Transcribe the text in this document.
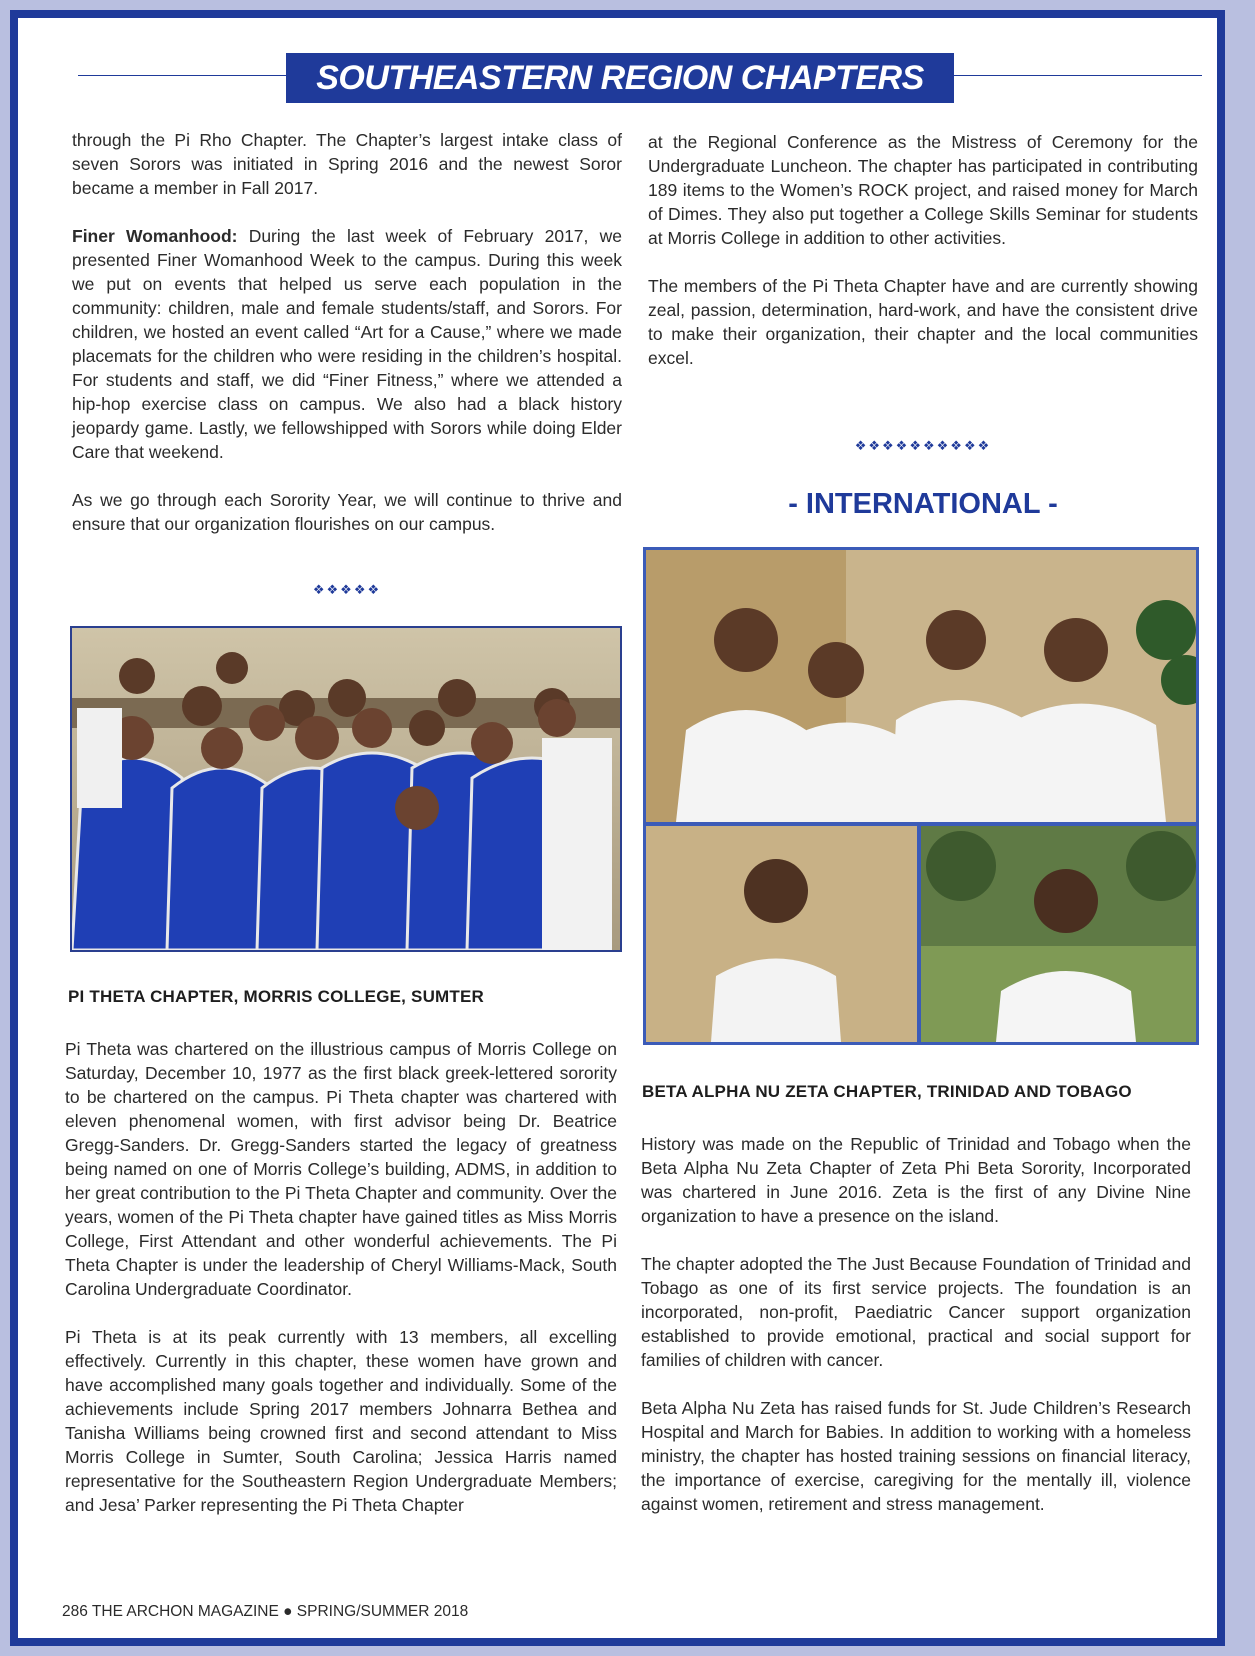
SOUTHEASTERN REGION CHAPTERS

through the Pi Rho Chapter. The Chapter’s largest intake class of seven Sorors was initiated in Spring 2016 and the newest Soror became a member in Fall 2017.

Finer Womanhood: During the last week of February 2017, we presented Finer Womanhood Week to the campus. During this week we put on events that helped us serve each population in the community: children, male and female students/staff, and Sorors. For children, we hosted an event called “Art for a Cause,” where we made placemats for the children who were residing in the children’s hospital. For students and staff, we did “Finer Fitness,” where we attended a hip-hop exercise class on campus. We also had a black history jeopardy game. Lastly, we fellowshipped with Sorors while doing Elder Care that weekend.

As we go through each Sorority Year, we will continue to thrive and ensure that our organization flourishes on our campus.

❖❖❖❖❖
PI THETA CHAPTER, MORRIS COLLEGE, SUMTER

Pi Theta was chartered on the illustrious campus of Morris College on Saturday, December 10, 1977 as the first black greek-lettered sorority to be chartered on the campus. Pi Theta chapter was chartered with eleven phenomenal women, with first advisor being Dr. Beatrice Gregg-Sanders. Dr. Gregg-Sanders started the legacy of greatness being named on one of Morris College’s building, ADMS, in addition to her great contribution to the Pi Theta Chapter and community. Over the years, women of the Pi Theta chapter have gained titles as Miss Morris College, First Attendant and other wonderful achievements. The Pi Theta Chapter is under the leadership of Cheryl Williams-Mack, South Carolina Undergraduate Coordinator.

Pi Theta is at its peak currently with 13 members, all excelling effectively. Currently in this chapter, these women have grown and have accomplished many goals together and individually. Some of the achievements include Spring 2017 members Johnarra Bethea and Tanisha Williams being crowned first and second attendant to Miss Morris College in Sumter, South Carolina; Jessica Harris named representative for the Southeastern Region Undergraduate Members; and Jesa’ Parker representing the Pi Theta Chapter

at the Regional Conference as the Mistress of Ceremony for the Undergraduate Luncheon. The chapter has participated in contributing 189 items to the Women’s ROCK project, and raised money for March of Dimes. They also put together a College Skills Seminar for students at Morris College in addition to other activities.

The members of the Pi Theta Chapter have and are currently showing zeal, passion, determination, hard-work, and have the consistent drive to make their organization, their chapter and the local communities excel.

❖❖❖❖❖❖❖❖❖❖
- INTERNATIONAL -
BETA ALPHA NU ZETA CHAPTER, TRINIDAD AND TOBAGO

History was made on the Republic of Trinidad and Tobago when the Beta Alpha Nu Zeta Chapter of Zeta Phi Beta Sorority, Incorporated was chartered in June 2016. Zeta is the first of any Divine Nine organization to have a presence on the island.

The chapter adopted the The Just Because Foundation of Trinidad and Tobago as one of its first service projects. The foundation is an incorporated, non-profit, Paediatric Cancer support organization established to provide emotional, practical and social support for families of children with cancer.

Beta Alpha Nu Zeta has raised funds for St. Jude Children’s Research Hospital and March for Babies. In addition to working with a homeless ministry, the chapter has hosted training sessions on financial literacy, the importance of exercise, caregiving for the mentally ill, violence against women, retirement and stress management.

286 THE ARCHON MAGAZINE ● SPRING/SUMMER 2018
